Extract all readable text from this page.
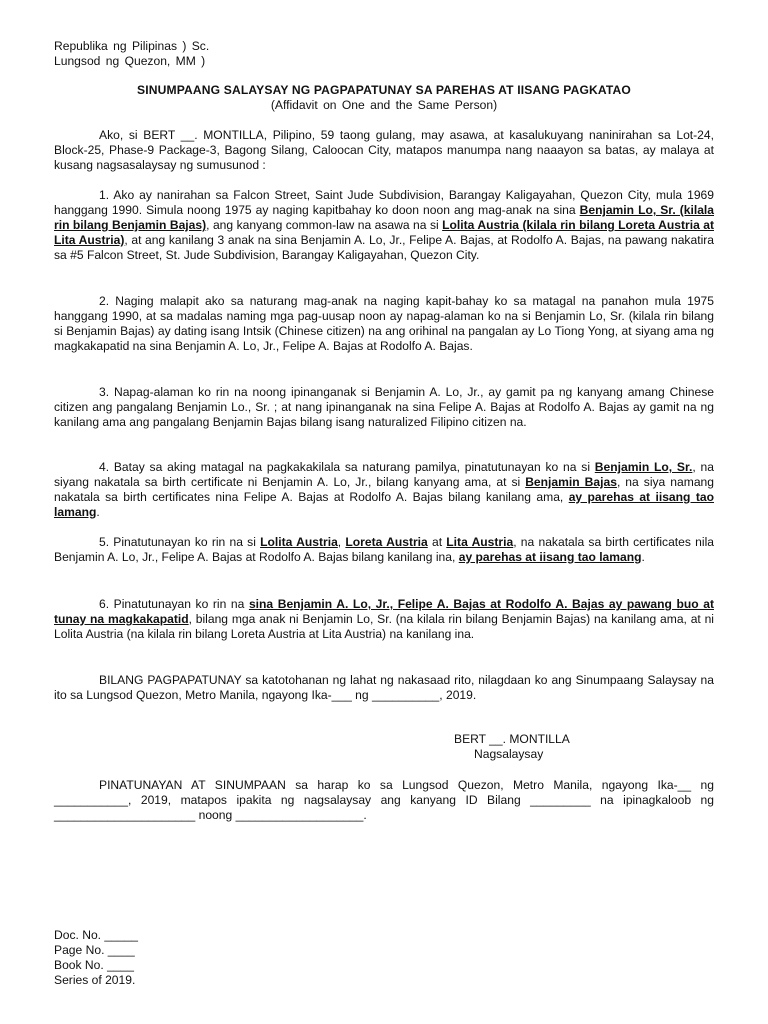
Republika ng Pilipinas ) Sc.
Lungsod ng Quezon, MM )
SINUMPAANG SALAYSAY NG PAGPAPATUNAY SA PAREHAS AT IISANG PAGKATAO
(Affidavit on One and the Same Person)
Ako, si BERT __. MONTILLA, Pilipino, 59 taong gulang, may asawa, at kasalukuyang naninirahan sa Lot-24, Block-25, Phase-9 Package-3, Bagong Silang, Caloocan City, matapos manumpa nang naaayon sa batas, ay malaya at kusang nagsasalaysay ng sumusunod :
1. Ako ay nanirahan sa Falcon Street, Saint Jude Subdivision, Barangay Kaligayahan, Quezon City, mula 1969 hanggang 1990. Simula noong 1975 ay naging kapitbahay ko doon noon ang mag-anak na sina Benjamin Lo, Sr. (kilala rin bilang Benjamin Bajas), ang kanyang common-law na asawa na si Lolita Austria (kilala rin bilang Loreta Austria at Lita Austria), at ang kanilang 3 anak na sina Benjamin A. Lo, Jr., Felipe A. Bajas, at Rodolfo A. Bajas, na pawang nakatira sa #5 Falcon Street, St. Jude Subdivision, Barangay Kaligayahan, Quezon City.
2. Naging malapit ako sa naturang mag-anak na naging kapit-bahay ko sa matagal na panahon mula 1975 hanggang 1990, at sa madalas naming mga pag-uusap noon ay napag-alaman ko na si Benjamin Lo, Sr. (kilala rin bilang si Benjamin Bajas) ay dating isang Intsik (Chinese citizen) na ang orihinal na pangalan ay Lo Tiong Yong, at siyang ama ng magkakapatid na sina Benjamin A. Lo, Jr., Felipe A. Bajas at Rodolfo A. Bajas.
3. Napag-alaman ko rin na noong ipinanganak si Benjamin A. Lo, Jr., ay gamit pa ng kanyang amang Chinese citizen ang pangalang Benjamin Lo., Sr. ; at nang ipinanganak na sina Felipe A. Bajas at Rodolfo A. Bajas ay gamit na ng kanilang ama ang pangalang Benjamin Bajas bilang isang naturalized Filipino citizen na.
4. Batay sa aking matagal na pagkakakilala sa naturang pamilya, pinatutunayan ko na si Benjamin Lo, Sr., na siyang nakatala sa birth certificate ni Benjamin A. Lo, Jr., bilang kanyang ama, at si Benjamin Bajas, na siya namang nakatala sa birth certificates nina Felipe A. Bajas at Rodolfo A. Bajas bilang kanilang ama, ay parehas at iisang tao lamang.
5. Pinatutunayan ko rin na si Lolita Austria, Loreta Austria at Lita Austria, na nakatala sa birth certificates nila Benjamin A. Lo, Jr., Felipe A. Bajas at Rodolfo A. Bajas bilang kanilang ina, ay parehas at iisang tao lamang.
6. Pinatutunayan ko rin na sina Benjamin A. Lo, Jr., Felipe A. Bajas at Rodolfo A. Bajas ay pawang buo at tunay na magkakapatid, bilang mga anak ni Benjamin Lo, Sr. (na kilala rin bilang Benjamin Bajas) na kanilang ama, at ni Lolita Austria (na kilala rin bilang Loreta Austria at Lita Austria) na kanilang ina.
BILANG PAGPAPATUNAY sa katotohanan ng lahat ng nakasaad rito, nilagdaan ko ang Sinumpaang Salaysay na ito sa Lungsod Quezon, Metro Manila, ngayong Ika-___ ng __________, 2019.
BERT __. MONTILLA
Nagsalaysay
PINATUNAYAN AT SINUMPAAN sa harap ko sa Lungsod Quezon, Metro Manila, ngayong Ika-__ ng ___________, 2019, matapos ipakita ng nagsalaysay ang kanyang ID Bilang _________ na ipinagkaloob ng _____________________ noong ___________________.
Doc. No. _____
Page No. ____
Book No. ____
Series of 2019.
